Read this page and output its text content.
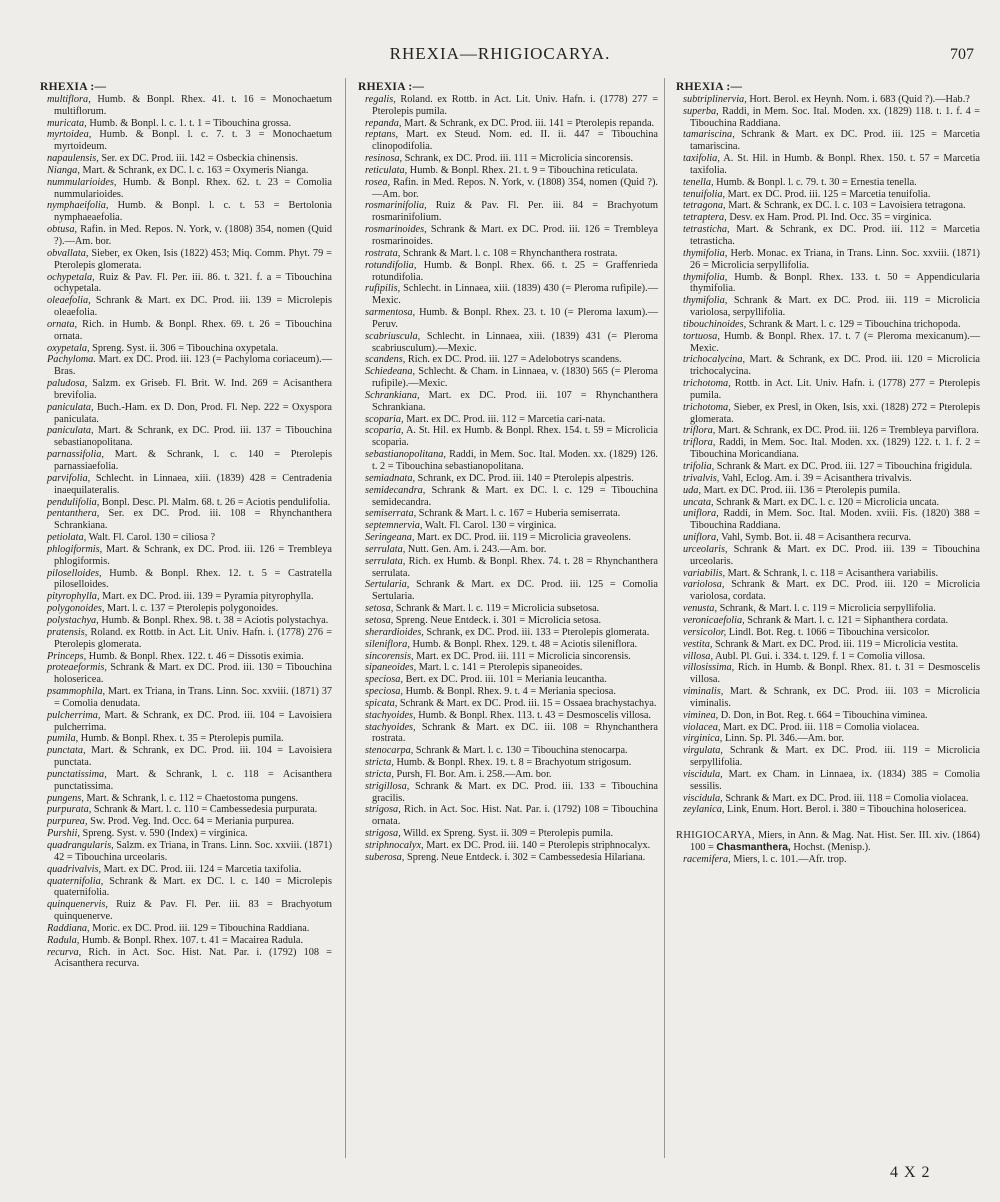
RHEXIA—RHIGIOCARYA.	707
RHEXIA :—
multiflora, Humb. & Bonpl. Rhex. 41. t. 16 = Monochaetum multiflorum.
muricata, Humb. & Bonpl. l. c. 1. t. 1 = Tibouchina grossa.
myrtoidea, Humb. & Bonpl. l. c. 7. t. 3 = Monochaetum myrtoideum.
napaulensis, Ser. ex DC. Prod. iii. 142 = Osbeckia chinensis.
Nianga, Mart. & Schrank, ex DC. l. c. 163 = Oxymeris Nianga.
nummularioides, Humb. & Bonpl. Rhex. 62. t. 23 = Comolia nummularioides.
nymphaeifolia, Humb. & Bonpl. l. c. t. 53 = Bertolonia nymphaeaefolia.
obtusa, Rafin. in Med. Repos. N. York, v. (1808) 354, nomen (Quid ?).—Am. bor.
obvallata, Sieber, ex Oken, Isis (1822) 453; Miq. Comm. Phyt. 79 = Pterolepis glomerata.
ochypetala, Ruiz & Pav. Fl. Per. iii. 86. t. 321. f. a = Tibouchina ochypetala.
oleaefolia, Schrank & Mart. ex DC. Prod. iii. 139 = Microlepis oleaefolia.
ornata, Rich. in Humb. & Bonpl. Rhex. 69. t. 26 = Tibouchina ornata.
oxypetala, Spreng. Syst. ii. 306 = Tibouchina oxypetala.
Pachyloma. Mart. ex DC. Prod. iii. 123 (= Pachyloma coriaceum).—Bras.
paludosa, Salzm. ex Griseb. Fl. Brit. W. Ind. 269 = Acisanthera brevifolia.
paniculata, Buch.-Ham. ex D. Don, Prod. Fl. Nep. 222 = Oxyspora paniculata.
paniculata, Mart. & Schrank, ex DC. Prod. iii. 137 = Tibouchina sebastianopolitana.
parnassifolia, Mart. & Schrank, l. c. 140 = Pterolepis parnassiaefolia.
parvifolia, Schlecht. in Linnaea, xiii. (1839) 428 = Centradenia inaequilateralis.
pendulifolia, Bonpl. Desc. Pl. Malm. 68. t. 26 = Aciotis pendulifolia.
pentanthera, Ser. ex DC. Prod. iii. 108 = Rhynchanthera Schrankiana.
petiolata, Walt. Fl. Carol. 130 = ciliosa ?
phlogiformis, Mart. & Schrank, ex DC. Prod. iii. 126 = Trembleya phlogiformis.
piloselloides, Humb. & Bonpl. Rhex. 12. t. 5 = Castratella piloselloides.
pityrophylla, Mart. ex DC. Prod. iii. 139 = Pyramia pityrophylla.
polygonoides, Mart. l. c. 137 = Pterolepis polygonoides.
polystachya, Humb. & Bonpl. Rhex. 98. t. 38 = Aciotis polystachya.
pratensis, Roland. ex Rottb. in Act. Lit. Univ. Hafn. i. (1778) 276 = Pterolepis glomerata.
Princeps, Humb. & Bonpl. Rhex. 122. t. 46 = Dissotis eximia.
proteaeformis, Schrank & Mart. ex DC. Prod. iii. 130 = Tibouchina holosericea.
psammophila, Mart. ex Triana, in Trans. Linn. Soc. xxviii. (1871) 37 = Comolia denudata.
pulcherrima, Mart. & Schrank, ex DC. Prod. iii. 104 = Lavoisiera pulcherrima.
pumila, Humb. & Bonpl. Rhex. t. 35 = Pterolepis pumila.
punctata, Mart. & Schrank, ex DC. Prod. iii. 104 = Lavoisiera punctata.
punctatissima, Mart. & Schrank, l. c. 118 = Acisanthera punctatissima.
pungens, Mart. & Schrank, l. c. 112 = Chaetostoma pungens.
purpurata, Schrank & Mart. l. c. 110 = Cambessedesia purpurata.
purpurea, Sw. Prod. Veg. Ind. Occ. 64 = Meriania purpurea.
Purshii, Spreng. Syst. v. 590 (Index) = virginica.
quadrangularis, Salzm. ex Triana, in Trans. Linn. Soc. xxviii. (1871) 42 = Tibouchina urceolaris.
quadrivalvis, Mart. ex DC. Prod. iii. 124 = Marcetia taxifolia.
quaternifolia, Schrank & Mart. ex DC. l. c. 140 = Microlepis quaternifolia.
quinquenervis, Ruiz & Pav. Fl. Per. iii. 83 = Brachyotum quinquenerve.
Raddiana, Moric. ex DC. Prod. iii. 129 = Tibouchina Raddiana.
Radula, Humb. & Bonpl. Rhex. 107. t. 41 = Macairea Radula.
recurva, Rich. in Act. Soc. Hist. Nat. Par. i. (1792) 108 = Acisanthera recurva.
RHEXIA :—
regalis, Roland. ex Rottb. in Act. Lit. Univ. Hafn. i. (1778) 277 = Pterolepis pumila.
repanda, Mart. & Schrank, ex DC. Prod. iii. 141 = Pterolepis repanda.
reptans, Mart. ex Steud. Nom. ed. II. ii. 447 = Tibouchina clinopodifolia.
resinosa, Schrank, ex DC. Prod. iii. 111 = Microlicia sincorensis.
reticulata, Humb. & Bonpl. Rhex. 21. t. 9 = Tibouchina reticulata.
rosea, Rafin. in Med. Repos. N. York, v. (1808) 354, nomen (Quid ?).—Am. bor.
rosmarinifolia, Ruiz & Pav. Fl. Per. iii. 84 = Brachyotum rosmarinifolium.
rosmarinoides, Schrank & Mart. ex DC. Prod. iii. 126 = Trembleya rosmarinoides.
rostrata, Schrank & Mart. l. c. 108 = Rhynchanthera rostrata.
rotundifolia, Humb. & Bonpl. Rhex. 66. t. 25 = Graffenrieda rotundifolia.
rufipilis, Schlecht. in Linnaea, xiii. (1839) 430 (= Pleroma rufipile).—Mexic.
sarmentosa, Humb. & Bonpl. Rhex. 23. t. 10 (= Pleroma laxum).—Peruv.
scabriuscula, Schlecht. in Linnaea, xiii. (1839) 431 (= Pleroma scabriusculum).—Mexic.
scandens, Rich. ex DC. Prod. iii. 127 = Adelobotrys scandens.
Schiedeana, Schlecht. & Cham. in Linnaea, v. (1830) 565 (= Pleroma rufipile).—Mexic.
Schrankiana, Mart. ex DC. Prod. iii. 107 = Rhynchanthera Schrankiana.
scoparia, Mart. ex DC. Prod. iii. 112 = Marcetia cari-nata.
scoparia, A. St. Hil. ex Humb. & Bonpl. Rhex. 154. t. 59 = Microlicia scoparia.
sebastianopolitana, Raddi, in Mem. Soc. Ital. Moden. xx. (1829) 126. t. 2 = Tibouchina sebastianopolitana.
semiadnata, Schrank, ex DC. Prod. iii. 140 = Pterolepis alpestris.
semidecandra, Schrank & Mart. ex DC. l. c. 129 = Tibouchina semidecandra.
semiserrata, Schrank & Mart. l. c. 167 = Huberia semiserrata.
septemnervia, Walt. Fl. Carol. 130 = virginica.
Seringeana, Mart. ex DC. Prod. iii. 119 = Microlicia graveolens.
serrulata, Nutt. Gen. Am. i. 243.—Am. bor.
serrulata, Rich. ex Humb. & Bonpl. Rhex. 74. t. 28 = Rhynchanthera serrulata.
Sertularia, Schrank & Mart. ex DC. Prod. iii. 125 = Comolia Sertularia.
setosa, Schrank & Mart. l. c. 119 = Microlicia subsetosa.
setosa, Spreng. Neue Entdeck. i. 301 = Microlicia setosa.
sherardioides, Schrank, ex DC. Prod. iii. 133 = Pterolepis glomerata.
sileniflora, Humb. & Bonpl. Rhex. 129. t. 48 = Aciotis sileniflora.
sincorensis, Mart. ex DC. Prod. iii. 111 = Microlicia sincorensis.
sipaneoides, Mart. l. c. 141 = Pterolepis sipaneoides.
speciosa, Bert. ex DC. Prod. iii. 101 = Meriania leucantha.
speciosa, Humb. & Bonpl. Rhex. 9. t. 4 = Meriania speciosa.
spicata, Schrank & Mart. ex DC. Prod. iii. 15 = Ossaea brachystachya.
stachyoides, Humb. & Bonpl. Rhex. 113. t. 43 = Desmoscelis villosa.
stachyoides, Schrank & Mart. ex DC. iii. 108 = Rhynchanthera rostrata.
stenocarpa, Schrank & Mart. l. c. 130 = Tibouchina stenocarpa.
stricta, Humb. & Bonpl. Rhex. 19. t. 8 = Brachyotum strigosum.
stricta, Pursh, Fl. Bor. Am. i. 258.—Am. bor.
strigillosa, Schrank & Mart. ex DC. Prod. iii. 133 = Tibouchina gracilis.
strigosa, Rich. in Act. Soc. Hist. Nat. Par. i. (1792) 108 = Tibouchina ornata.
strigosa, Willd. ex Spreng. Syst. ii. 309 = Pterolepis pumila.
striphnocalyx, Mart. ex DC. Prod. iii. 140 = Pterolepis striphnocalyx.
suberosa, Spreng. Neue Entdeck. i. 302 = Cambessedesia Hilariana.
RHEXIA :—
subtriplinervia, Hort. Berol. ex Heynh. Nom. i. 683 (Quid ?).—Hab.?
superba, Raddi, in Mem. Soc. Ital. Moden. xx. (1829) 118. t. 1. f. 4 = Tibouchina Raddiana.
tamariscina, Schrank & Mart. ex DC. Prod. iii. 125 = Marcetia tamariscina.
taxifolia, A. St. Hil. in Humb. & Bonpl. Rhex. 150. t. 57 = Marcetia taxifolia.
tenella, Humb. & Bonpl. l. c. 79. t. 30 = Ernestia tenella.
tenuifolia, Mart. ex DC. Prod. iii. 125 = Marcetia tenuifolia.
tetragona, Mart. & Schrank, ex DC. l. c. 103 = Lavoisiera tetragona.
tetraptera, Desv. ex Ham. Prod. Pl. Ind. Occ. 35 = virginica.
tetrasticha, Mart. & Schrank, ex DC. Prod. iii. 112 = Marcetia tetrasticha.
thymifolia, Herb. Monac. ex Triana, in Trans. Linn. Soc. xxviii. (1871) 26 = Microlicia serpyllifolia.
thymifolia, Humb. & Bonpl. Rhex. 133. t. 50 = Appendicularia thymifolia.
thymifolia, Schrank & Mart. ex DC. Prod. iii. 119 = Microlicia variolosa, serpyllifolia.
tibouchinoides, Schrank & Mart. l. c. 129 = Tibouchina trichopoda.
tortuosa, Humb. & Bonpl. Rhex. 17. t. 7 (= Pleroma mexicanum).—Mexic.
trichocalycina, Mart. & Schrank, ex DC. Prod. iii. 120 = Microlicia trichocalycina.
trichotoma, Rottb. in Act. Lit. Univ. Hafn. i. (1778) 277 = Pterolepis pumila.
trichotoma, Sieber, ex Presl, in Oken, Isis, xxi. (1828) 272 = Pterolepis glomerata.
triflora, Mart. & Schrank, ex DC. Prod. iii. 126 = Trembleya parviflora.
triflora, Raddi, in Mem. Soc. Ital. Moden. xx. (1829) 122. t. 1. f. 2 = Tibouchina Moricandiana.
trifolia, Schrank & Mart. ex DC. Prod. iii. 127 = Tibouchina frigidula.
trivalvis, Vahl, Eclog. Am. i. 39 = Acisanthera trivalvis.
uda, Mart. ex DC. Prod. iii. 136 = Pterolepis pumila.
uncata, Schrank & Mart. ex DC. l. c. 120 = Microlicia uncata.
uniflora, Raddi, in Mem. Soc. Ital. Moden. xviii. Fis. (1820) 388 = Tibouchina Raddiana.
uniflora, Vahl, Symb. Bot. ii. 48 = Acisanthera recurva.
urceolaris, Schrank & Mart. ex DC. Prod. iii. 139 = Tibouchina urceolaris.
variabilis, Mart. & Schrank, l. c. 118 = Acisanthera variabilis.
variolosa, Schrank & Mart. ex DC. Prod. iii. 120 = Microlicia variolosa, cordata.
venusta, Schrank, & Mart. l. c. 119 = Microlicia serpyllifolia.
veronicaefolia, Schrank & Mart. l. c. 121 = Siphanthera cordata.
versicolor, Lindl. Bot. Reg. t. 1066 = Tibouchina versicolor.
vestita, Schrank & Mart. ex DC. Prod. iii. 119 = Microlicia vestita.
villosa, Aubl. Pl. Gui. i. 334. t. 129. f. 1 = Comolia villosa.
villosissima, Rich. in Humb. & Bonpl. Rhex. 81. t. 31 = Desmoscelis villosa.
viminalis, Mart. & Schrank, ex DC. Prod. iii. 103 = Microlicia viminalis.
viminea, D. Don, in Bot. Reg. t. 664 = Tibouchina viminea.
violacea, Mart. ex DC. Prod. iii. 118 = Comolia violacea.
virginica, Linn. Sp. Pl. 346.—Am. bor.
virgulata, Schrank & Mart. ex DC. Prod. iii. 119 = Microlicia serpyllifolia.
viscidula, Mart. ex Cham. in Linnaea, ix. (1834) 385 = Comolia sessilis.
viscidula, Schrank & Mart. ex DC. Prod. iii. 118 = Comolia violacea.
zeylanica, Link, Enum. Hort. Berol. i. 380 = Tibouchina holosericea.
RHIGIOCARYA, Miers, in Ann. & Mag. Nat. Hist. Ser. III. xiv. (1864) 100 = Chasmanthera, Hochst. (Menisp.).
racemifera, Miers, l. c. 101.—Afr. trop.
4 X 2
